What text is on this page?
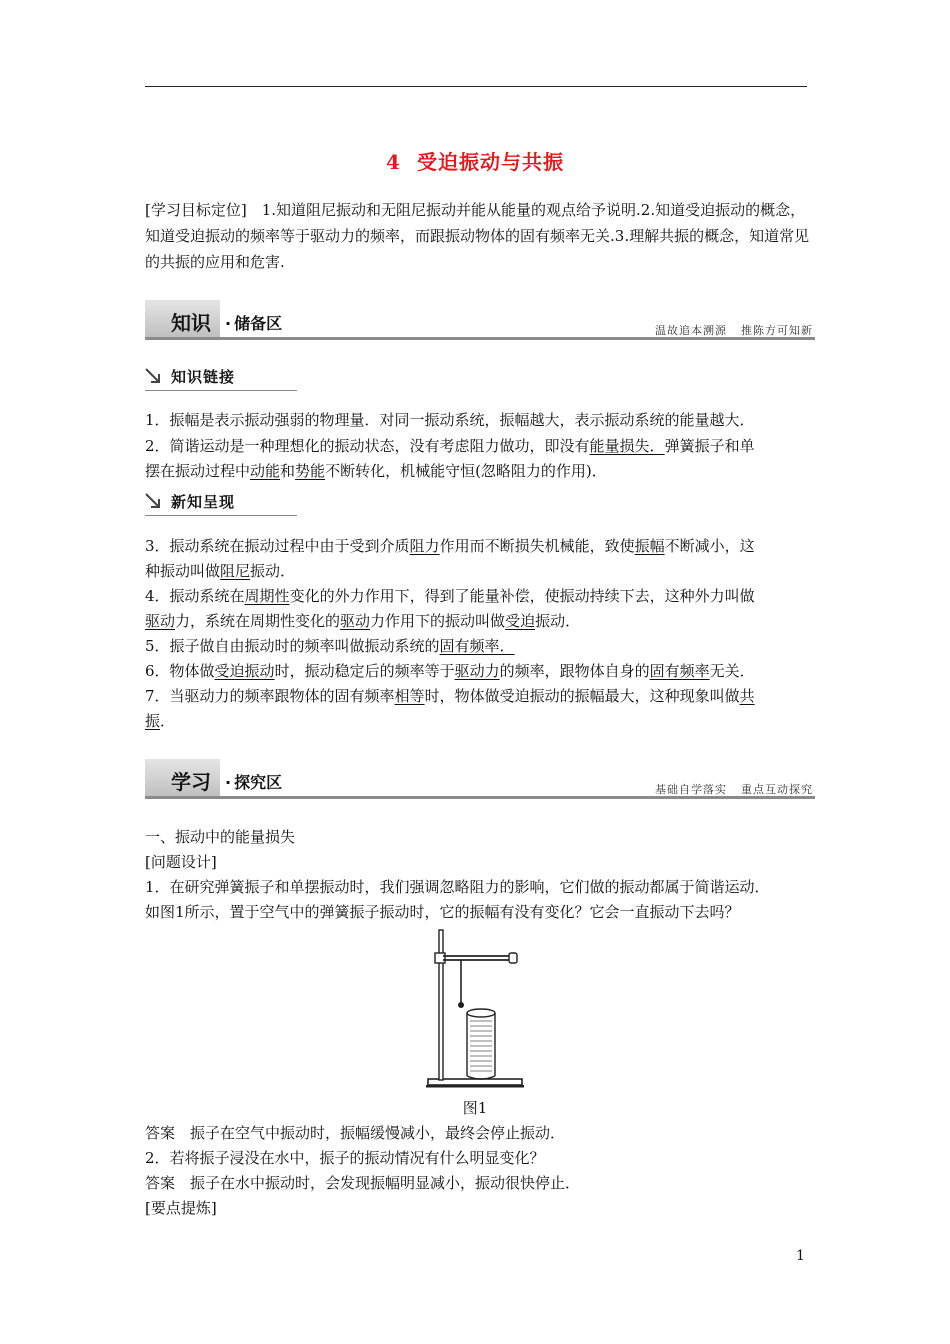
4 受迫振动与共振
[学习目标定位]　1.知道阻尼振动和无阻尼振动并能从能量的观点给予说明.2.知道受迫振动的概念，知道受迫振动的频率等于驱动力的频率，而跟振动物体的固有频率无关.3.理解共振的概念，知道常见的共振的应用和危害.
知识 · 储备区	温故追本溯源 推陈方可知新
知识链接
1．振幅是表示振动强弱的物理量．对同一振动系统，振幅越大，表示振动系统的能量越大．
2．简谐运动是一种理想化的振动状态，没有考虑阻力做功，即没有能量损失．弹簧振子和单
摆在振动过程中动能和势能不断转化，机械能守恒(忽略阻力的作用)．
新知呈现
3．振动系统在振动过程中由于受到介质阻力作用而不断损失机械能，致使振幅不断减小，这
种振动叫做阻尼振动．
4．振动系统在周期性变化的外力作用下，得到了能量补偿，使振动持续下去，这种外力叫做
驱动力，系统在周期性变化的驱动力作用下的振动叫做受迫振动．
5．振子做自由振动时的频率叫做振动系统的固有频率．
6．物体做受迫振动时，振动稳定后的频率等于驱动力的频率，跟物体自身的固有频率无关．
7．当驱动力的频率跟物体的固有频率相等时，物体做受迫振动的振幅最大，这种现象叫做共
振．
学习 · 探究区	基础自学落实 重点互动探究
一、振动中的能量损失
[问题设计]
1．在研究弹簧振子和单摆振动时，我们强调忽略阻力的影响，它们做的振动都属于简谐运动．
如图1所示，置于空气中的弹簧振子振动时，它的振幅有没有变化？它会一直振动下去吗？
图1
答案　振子在空气中振动时，振幅缓慢减小，最终会停止振动．
2．若将振子浸没在水中，振子的振动情况有什么明显变化？
答案　振子在水中振动时，会发现振幅明显减小，振动很快停止．
[要点提炼]
1
